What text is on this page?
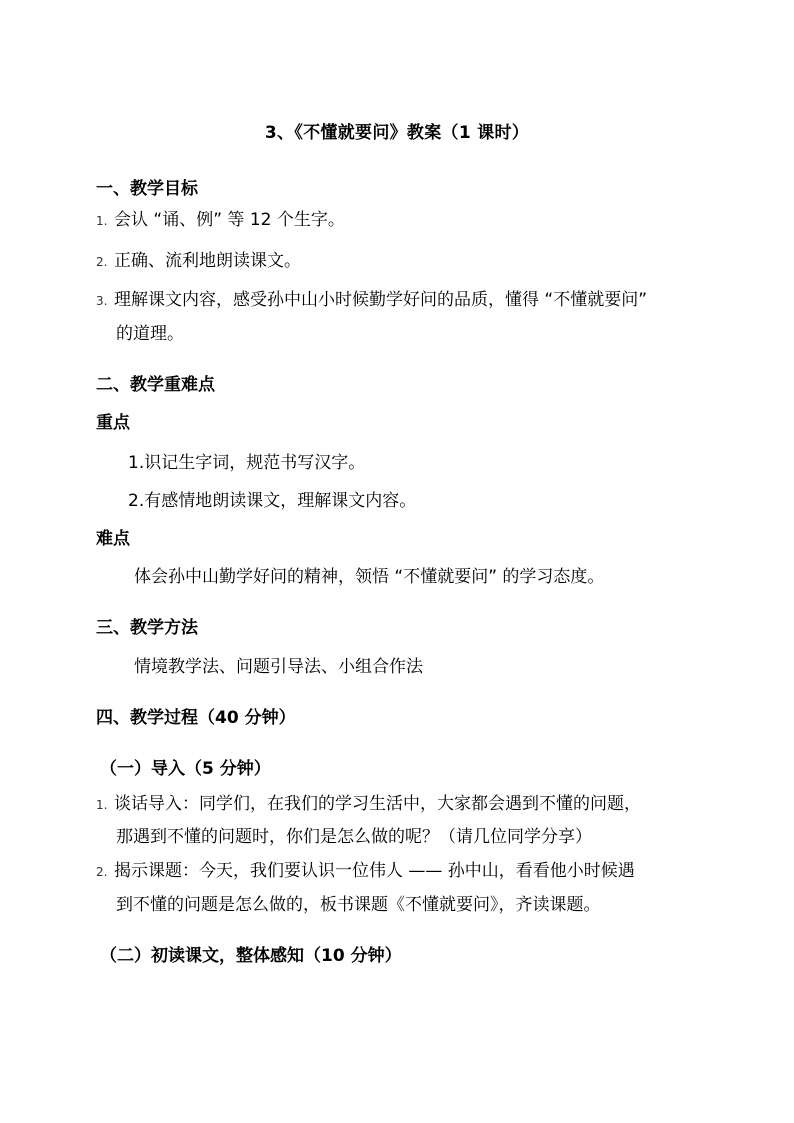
3、《不懂就要问》教案（1 课时）
一、教学目标
1. 会认 “诵、例” 等 12 个生字。
2. 正确、流利地朗读课文。
3. 理解课文内容，感受孙中山小时候勤学好问的品质，懂得 “不懂就要问”
的道理。
二、教学重难点
重点
1.识记生字词，规范书写汉字。
2.有感情地朗读课文，理解课文内容。
难点
体会孙中山勤学好问的精神，领悟 “不懂就要问” 的学习态度。
三、教学方法
情境教学法、问题引导法、小组合作法
四、教学过程（40 分钟）
（一）导入（5 分钟）
1. 谈话导入：同学们，在我们的学习生活中，大家都会遇到不懂的问题，
那遇到不懂的问题时，你们是怎么做的呢？（请几位同学分享）
2. 揭示课题：今天，我们要认识一位伟人 —— 孙中山，看看他小时候遇
到不懂的问题是怎么做的，板书课题《不懂就要问》，齐读课题。
（二）初读课文，整体感知（10 分钟）
